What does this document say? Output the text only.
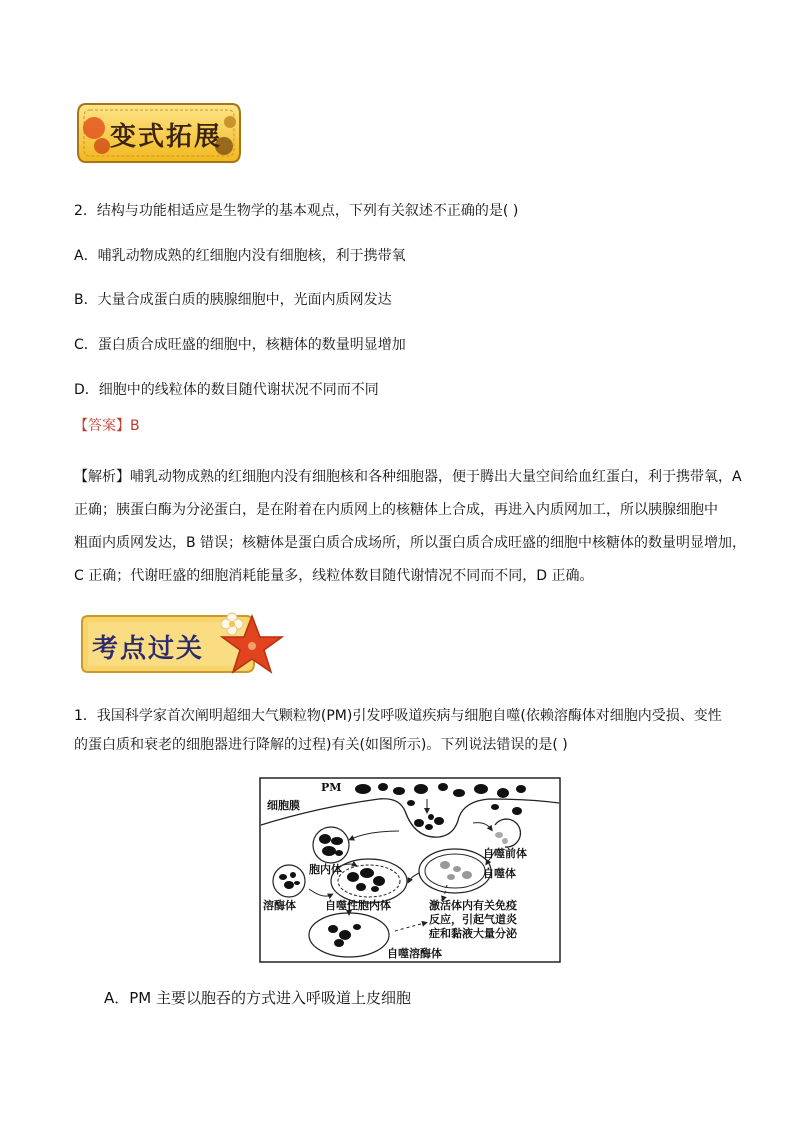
变式拓展
2．结构与功能相适应是生物学的基本观点，下列有关叙述不正确的是( )
A．哺乳动物成熟的红细胞内没有细胞核，利于携带氧
B．大量合成蛋白质的胰腺细胞中，光面内质网发达
C．蛋白质合成旺盛的细胞中，核糖体的数量明显增加
D．细胞中的线粒体的数目随代谢状况不同而不同
【答案】B
【解析】哺乳动物成熟的红细胞内没有细胞核和各种细胞器，便于腾出大量空间给血红蛋白，利于携带氧，A
正确；胰蛋白酶为分泌蛋白，是在附着在内质网上的核糖体上合成，再进入内质网加工，所以胰腺细胞中
粗面内质网发达，B 错误；核糖体是蛋白质合成场所，所以蛋白质合成旺盛的细胞中核糖体的数量明显增加，
C 正确；代谢旺盛的细胞消耗能量多，线粒体数目随代谢情况不同而不同，D 正确。
考点过关
1．我国科学家首次阐明超细大气颗粒物(PM)引发呼吸道疾病与细胞自噬(依赖溶酶体对细胞内受损、变性
的蛋白质和衰老的细胞器进行降解的过程)有关(如图所示)。下列说法错误的是( )
PM
细胞膜
胞内体
自噬前体
自噬体
溶酶体	自噬性胞内体	激活体内有关免疫
反应，引起气道炎
症和黏液大量分泌
自噬溶酶体
A．PM 主要以胞吞的方式进入呼吸道上皮细胞
